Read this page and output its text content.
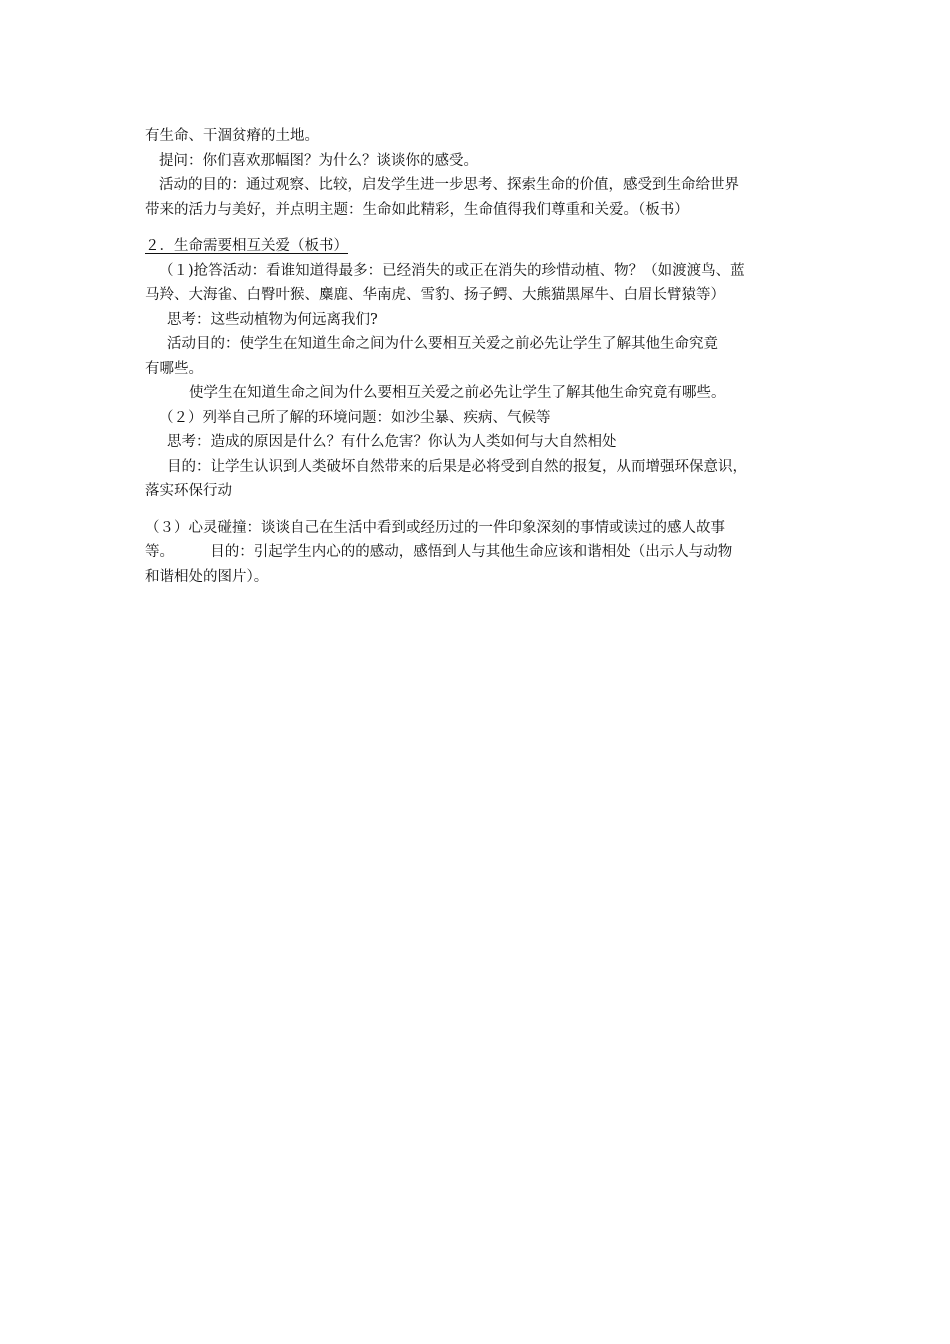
有生命、干涸贫瘠的土地。
提问：你们喜欢那幅图？为什么？谈谈你的感受。
活动的目的：通过观察、比较，启发学生进一步思考、探索生命的价值，感受到生命给世界
带来的活力与美好，并点明主题：生命如此精彩，生命值得我们尊重和关爱。（板书）
２．生命需要相互关爱（板书）
（１)抢答活动：看谁知道得最多：已经消失的或正在消失的珍惜动植、物？（如渡渡鸟、蓝
马羚、大海雀、白臀叶猴、麋鹿、华南虎、雪豹、扬子鳄、大熊猫黑犀牛、白眉长臂猿等）
思考：这些动植物为何远离我们?
活动目的：使学生在知道生命之间为什么要相互关爱之前必先让学生了解其他生命究竟
有哪些。
使学生在知道生命之间为什么要相互关爱之前必先让学生了解其他生命究竟有哪些。
（２）列举自己所了解的环境问题：如沙尘暴、疾病、气候等
思考：造成的原因是什么？有什么危害？你认为人类如何与大自然相处
目的：让学生认识到人类破坏自然带来的后果是必将受到自然的报复，从而增强环保意识，
落实环保行动
（３）心灵碰撞：谈谈自己在生活中看到或经历过的一件印象深刻的事情或读过的感人故事
等。　　　目的：引起学生内心的的感动，感悟到人与其他生命应该和谐相处（出示人与动物
和谐相处的图片）。
